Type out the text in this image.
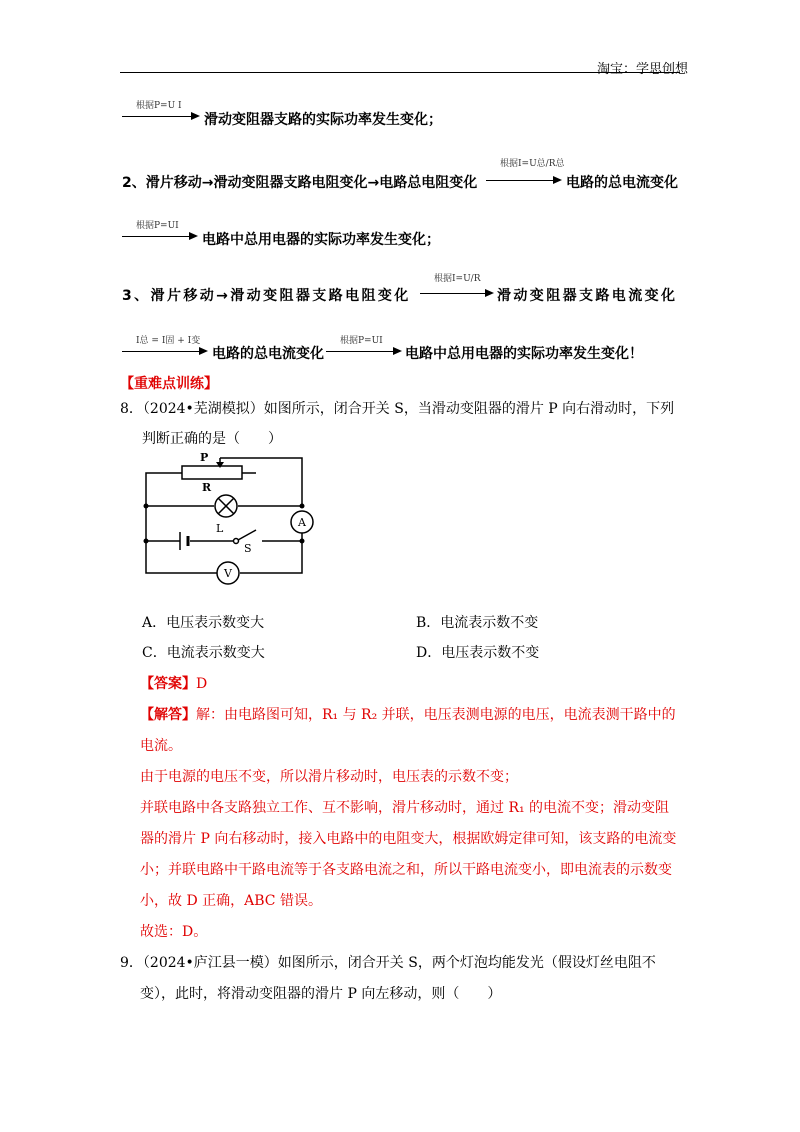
淘宝：学思创想
根据P=U I
滑动变阻器支路的实际功率发生变化；
2、滑片移动→滑动变阻器支路电阻变化→电路总电阻变化
根据I=U总/R总
电路的总电流变化
根据P=UI
电路中总用电器的实际功率发生变化；
3、滑片移动→滑动变阻器支路电阻变化
根据I=U/R
滑动变阻器支路电流变化
I总 = I固 + I变
电路的总电流变化
根据P=UI
电路中总用电器的实际功率发生变化！
【重难点训练】
8．（2024•芜湖模拟）如图所示，闭合开关 S，当滑动变阻器的滑片 P 向右滑动时，下列
判断正确的是（　　）
P
R
L
S
A
V
A．电压表示数变大	B．电流表示数不变
C．电流表示数变大	D．电压表示数不变
【答案】D
【解答】解：由电路图可知，R₁ 与 R₂ 并联，电压表测电源的电压，电流表测干路中的
电流。
由于电源的电压不变，所以滑片移动时，电压表的示数不变；
并联电路中各支路独立工作、互不影响，滑片移动时，通过 R₁ 的电流不变；滑动变阻
器的滑片 P 向右移动时，接入电路中的电阻变大，根据欧姆定律可知，该支路的电流变
小；并联电路中干路电流等于各支路电流之和，所以干路电流变小，即电流表的示数变
小，故 D 正确，ABC 错误。
故选：D。
9．（2024•庐江县一模）如图所示，闭合开关 S，两个灯泡均能发光（假设灯丝电阻不
变），此时，将滑动变阻器的滑片 P 向左移动，则（　　）
